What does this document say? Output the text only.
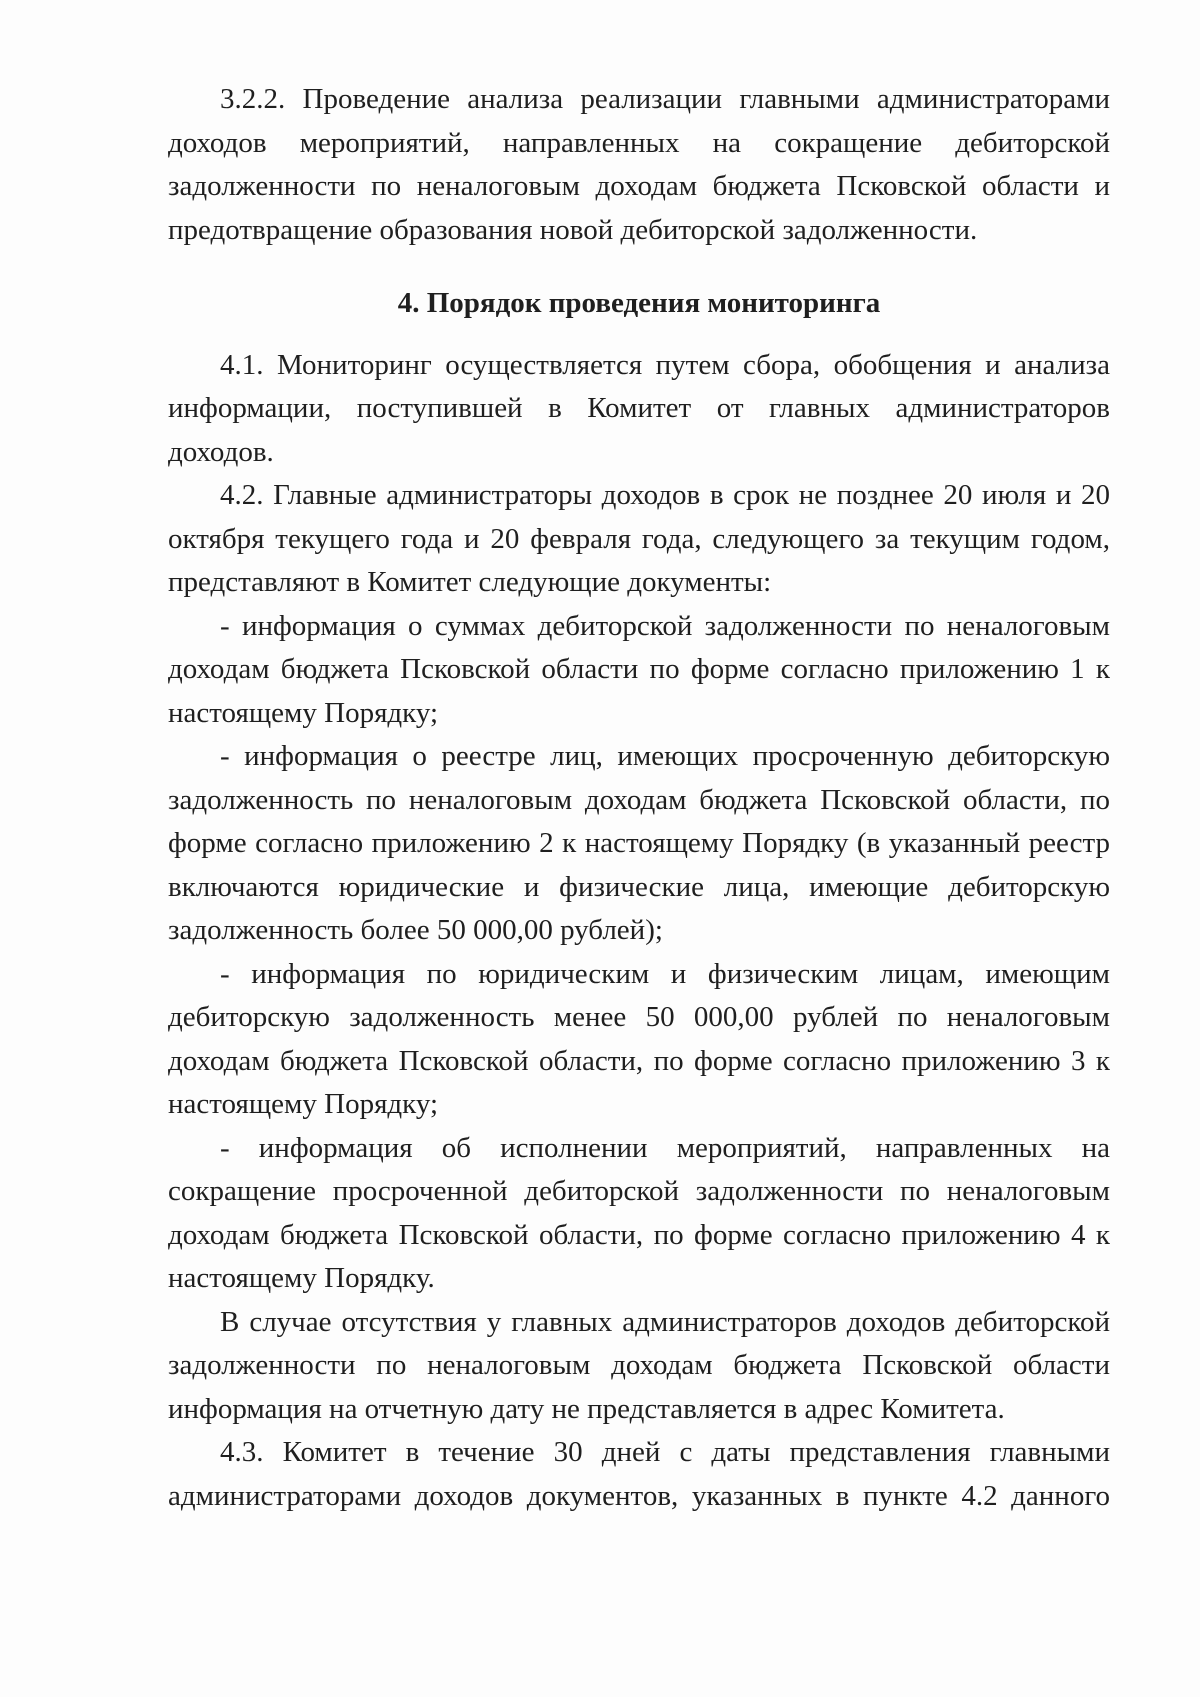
3.2.2. Проведение анализа реализации главными администраторами доходов мероприятий, направленных на сокращение дебиторской задолженности по неналоговым доходам бюджета Псковской области и предотвращение образования новой дебиторской задолженности.

4. Порядок проведения мониторинга

4.1. Мониторинг осуществляется путем сбора, обобщения и анализа информации, поступившей в Комитет от главных администраторов доходов.

4.2. Главные администраторы доходов в срок не позднее 20 июля и 20 октября текущего года и 20 февраля года, следующего за текущим годом, представляют в Комитет следующие документы:

- информация о суммах дебиторской задолженности по неналоговым доходам бюджета Псковской области по форме согласно приложению 1 к настоящему Порядку;

- информация о реестре лиц, имеющих просроченную дебиторскую задолженность по неналоговым доходам бюджета Псковской области, по форме согласно приложению 2 к настоящему Порядку (в указанный реестр включаются юридические и физические лица, имеющие дебиторскую задолженность более 50 000,00 рублей);

- информация по юридическим и физическим лицам, имеющим дебиторскую задолженность менее 50 000,00 рублей по неналоговым доходам бюджета Псковской области, по форме согласно приложению 3 к настоящему Порядку;

- информация об исполнении мероприятий, направленных на сокращение просроченной дебиторской задолженности по неналоговым доходам бюджета Псковской области, по форме согласно приложению 4 к настоящему Порядку.

В случае отсутствия у главных администраторов доходов дебиторской задолженности по неналоговым доходам бюджета Псковской области информация на отчетную дату не представляется в адрес Комитета.

4.3. Комитет в течение 30 дней с даты представления главными администраторами доходов документов, указанных в пункте 4.2 данного
